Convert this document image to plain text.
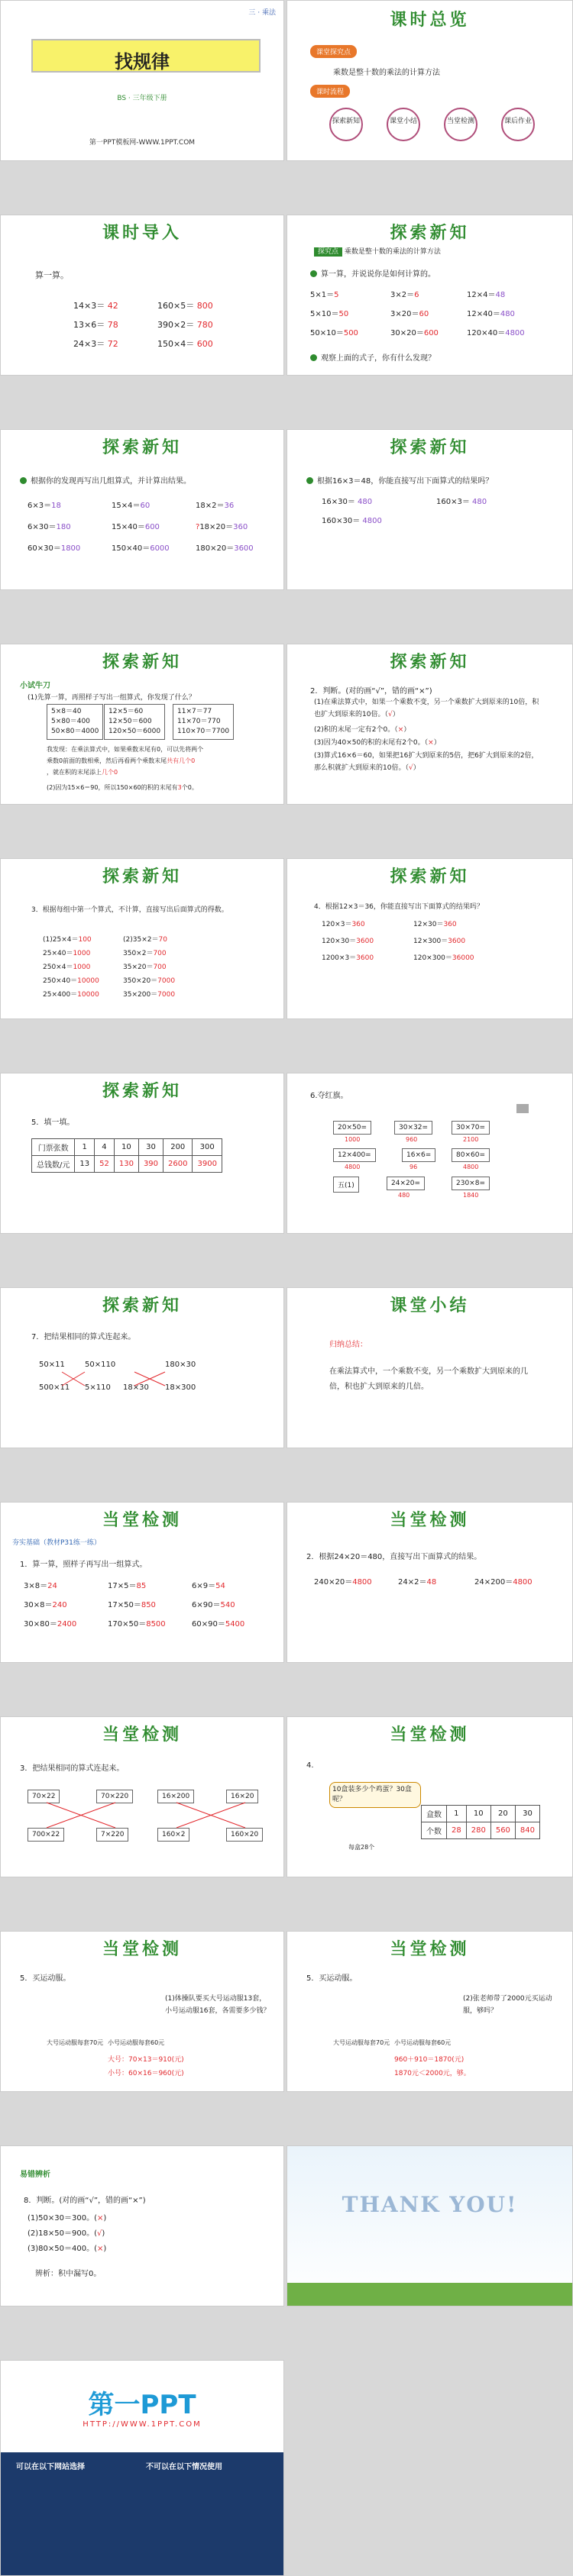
三 · 乘法
找规律
BS · 三年级下册
第一PPT模板网-WWW.1PPT.COM
课时总览
课堂探究点
乘数是整十数的乘法的计算方法
课时流程
探索新知	课堂小结	当堂检测	课后作业
课时导入
算一算。
14×3＝ 42	160×5＝ 800
13×6＝ 78	390×2＝ 780
24×3＝ 72	150×4＝ 600
探索新知
探究点 乘数是整十数的乘法的计算方法
算一算，并说说你是如何计算的。
5×1＝5	3×2＝6	12×4＝48
5×10＝50	3×20＝60	12×40＝480
50×10＝500	30×20＝600	120×40＝4800
观察上面的式子，你有什么发现？
探索新知
根据你的发现再写出几组算式，并计算出结果。
6×3＝18	15×4＝60	18×2＝36
6×30＝180	15×40＝600	?18×20＝360
60×30＝1800	150×40＝6000	180×20＝3600
探索新知
根据16×3＝48，你能直接写出下面算式的结果吗？
16×30＝ 480	160×3＝ 480
160×30＝ 4800
探索新知
小试牛刀
(1)先算一算，再照样子写出一组算式，你发现了什么？
5×8＝40
5×80＝400
50×80＝4000
12×5＝60
12×50＝600
120×50＝6000
11×7＝77
11×70＝770
110×70＝7700
我发现：在乘法算式中，如果乘数末尾有0，可以先将两个
乘数0前面的数相乘，然后再看两个乘数末尾共有几个0
，就在积的末尾添上几个0
(2)因为15×6＝90，所以150×60的积的末尾有3个0。
探索新知
2．判断。(对的画“√”，错的画“×”)
(1)在乘法算式中，如果一个乘数不变，另一个乘数扩大到原来的10倍，积也扩大到原来的10倍。（√）
(2)积的末尾一定有2个0。（×）
(3)因为40×50的积的末尾有2个0。（×）
(3)算式16×6＝60，如果把16扩大到原来的5倍，把6扩大到原来的2倍，那么积就扩大到原来的10倍。（√）
探索新知
3．根据每组中第一个算式，不计算，直接写出后面算式的得数。
(1)25×4＝100	(2)35×2＝70
25×40＝1000	350×2＝700
250×4＝1000	35×20＝700
250×40＝10000	350×20＝7000
25×400＝10000	35×200＝7000
探索新知
4．根据12×3＝36，你能直接写出下面算式的结果吗？
120×3＝360	12×30＝360
120×30＝3600	12×300＝3600
1200×3＝3600	120×300＝36000
探索新知
5．填一填。
门票张数	1	4	10	30	200	300
总钱数/元	13	52	130	390	2600	3900
6.夺红旗。
20×50=
1000
30×32=
960
30×70=
2100
12×400=
4800
16×6=
96
80×60=
4800
五(1)	24×20=
480
230×8=
1840
探索新知
7．把结果相同的算式连起来。
50×11
500×11
50×110
5×110
180×30
18×30 18×300
课堂小结
归纳总结：
在乘法算式中，一个乘数不变，另一个乘数扩大到原来的几倍，积也扩大到原来的几倍。
当堂检测
夯实基础（教材P31练一练）
1．算一算，照样子再写出一组算式。
3×8＝24	17×5＝85	6×9＝54
30×8＝240	17×50＝850	6×90＝540
30×80＝2400	170×50＝8500	60×90＝5400
当堂检测
2．根据24×20＝480，直接写出下面算式的结果。
240×20＝4800	24×2＝48	24×200＝4800
当堂检测
3．把结果相同的算式连起来。
70×22	70×220	16×200	16×20
700×22	7×220	160×2	160×20
当堂检测
4.
10盒装多少个鸡蛋？30盒呢？
每盒28个
盒数	1	10	20	30
个数	28	280	560	840
当堂检测
5．买运动服。
大号运动服每套70元 小号运动服每套60元
(1)体操队要买大号运动服13套，小号运动服16套，各需要多少钱？
大号：70×13＝910(元)
小号：60×16＝960(元)
当堂检测
5．买运动服。
大号运动服每套70元 小号运动服每套60元
(2)张老师带了2000元买运动服，够吗？
960＋910＝1870(元)
1870元＜2000元，够。
易错辨析
8．判断。(对的画“√”，错的画“×”)
(1)50×30＝300。(×)
(2)18×50＝900。(√)
(3)80×50＝400。(×)
辨析：积中漏写0。
THANK YOU!
第一PPT
HTTP://WWW.1PPT.COM
可以在以下网站选择	不可以在以下情况使用
